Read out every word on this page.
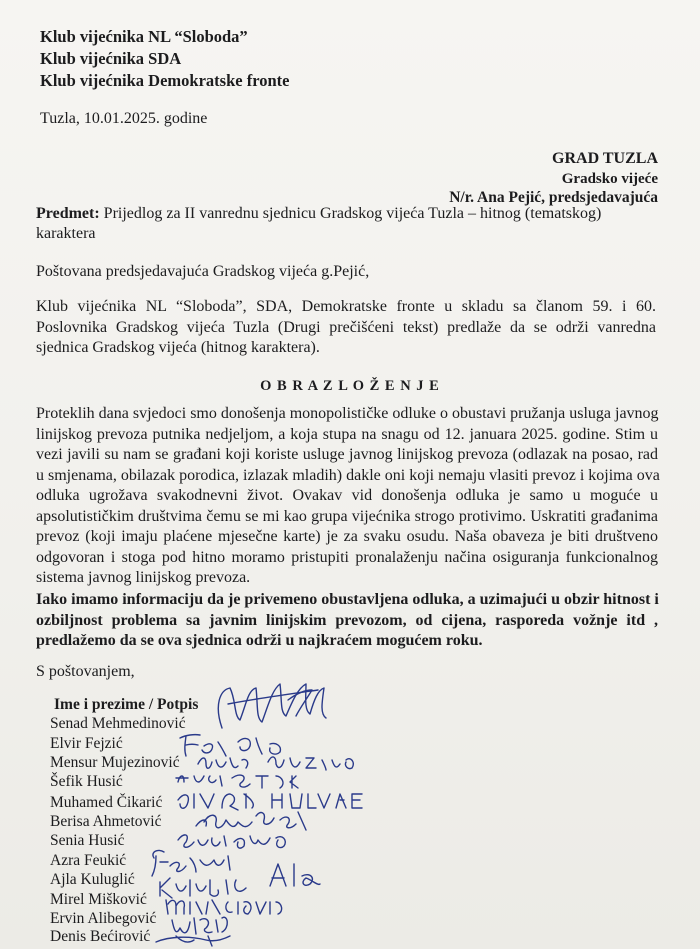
Klub vijećnika NL “Sloboda”
Klub vijećnika SDA
Klub vijećnika Demokratske fronte
Tuzla, 10.01.2025. godine
GRAD TUZLA
Gradsko vijeće
N/r. Ana Pejić, predsjedavajuća
Predmet: Prijedlog za II vanrednu sjednicu Gradskog vijeća Tuzla – hitnog (tematskog)
karaktera
Poštovana predsjedavajuća Gradskog vijeća g.Pejić,
Klub vijećnika NL “Sloboda”, SDA, Demokratske fronte u skladu sa članom 59. i 60.
Poslovnika Gradskog vijeća Tuzla (Drugi prečišćeni tekst) predlaže da se održi vanredna
sjednica Gradskog vijeća (hitnog karaktera).
O B R A Z L O Ž E N J E
Proteklih dana svjedoci smo donošenja monopolističke odluke o obustavi pružanja usluga javnog
linijskog prevoza putnika nedjeljom, a koja stupa na snagu od 12. januara 2025. godine. Stim u
vezi javili su nam se građani koji koriste usluge javnog linijskog prevoza (odlazak na posao, rad
u smjenama, obilazak porodica, izlazak mladih) dakle oni koji nemaju vlasiti prevoz i kojima ova
odluka ugrožava svakodnevni život. Ovakav vid donošenja odluka je samo u moguće u
apsolutističkim društvima čemu se mi kao grupa vijećnika strogo protivimo. Uskratiti građanima
prevoz (koji imaju plaćene mjesečne karte) je za svaku osudu. Naša obaveza je biti društveno
odgovoran i stoga pod hitno moramo pristupiti pronalaženju načina osiguranja funkcionalnog
sistema javnog linijskog prevoza.
Iako imamo informaciju da je privemeno obustavljena odluka, a uzimajući u obzir hitnost i
ozbiljnost problema sa javnim linijskim prevozom, od cijena, rasporeda vožnje itd ,
predlažemo da se ova sjednica održi u najkraćem mogućem roku.
S poštovanjem,
Ime i prezime / Potpis
Senad Mehmedinović
Elvir Fejzić
Mensur Mujezinović
Šefik Husić
Muhamed Čikarić
Berisa Ahmetović
Senia Husić
Azra Feukić
Ajla Kuluglić
Mirel Mišković
Ervin Alibegović
Denis Bećirović
